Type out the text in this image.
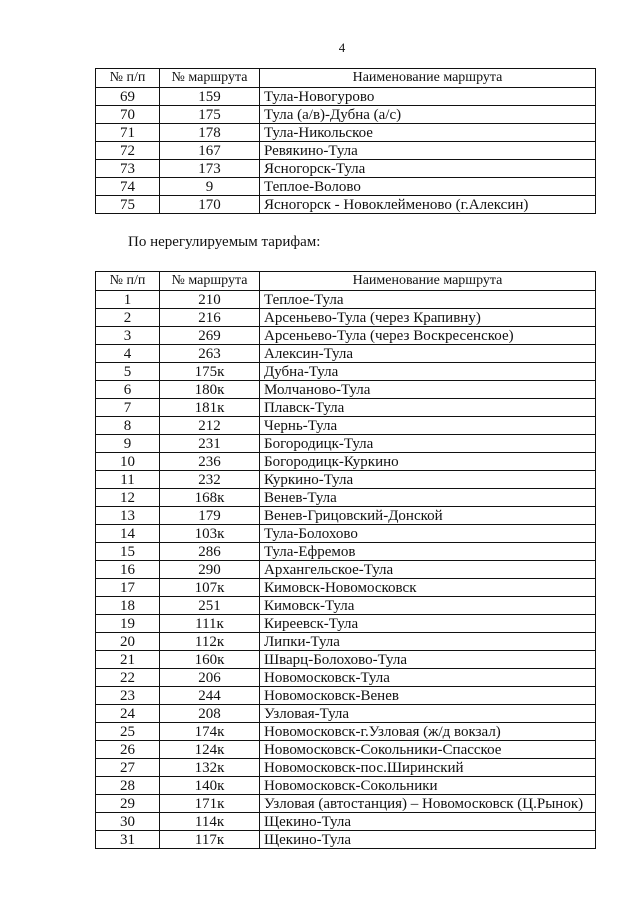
4
№ п/п	№ маршрута	Наименование маршрута
69	159	Тула-Новогурово
70	175	Тула (а/в)-Дубна (а/с)
71	178	Тула-Никольское
72	167	Ревякино-Тула
73	173	Ясногорск-Тула
74	9	Теплое-Волово
75	170	Ясногорск - Новоклейменово (г.Алексин)
По нерегулируемым тарифам:
№ п/п	№ маршрута	Наименование маршрута
1	210	Теплое-Тула
2	216	Арсеньево-Тула (через Крапивну)
3	269	Арсеньево-Тула (через Воскресенское)
4	263	Алексин-Тула
5	175к	Дубна-Тула
6	180к	Молчаново-Тула
7	181к	Плавск-Тула
8	212	Чернь-Тула
9	231	Богородицк-Тула
10	236	Богородицк-Куркино
11	232	Куркино-Тула
12	168к	Венев-Тула
13	179	Венев-Грицовский-Донской
14	103к	Тула-Болохово
15	286	Тула-Ефремов
16	290	Архангельское-Тула
17	107к	Кимовск-Новомосковск
18	251	Кимовск-Тула
19	111к	Киреевск-Тула
20	112к	Липки-Тула
21	160к	Шварц-Болохово-Тула
22	206	Новомосковск-Тула
23	244	Новомосковск-Венев
24	208	Узловая-Тула
25	174к	Новомосковск-г.Узловая (ж/д вокзал)
26	124к	Новомосковск-Сокольники-Спасское
27	132к	Новомосковск-пос.Ширинский
28	140к	Новомосковск-Сокольники
29	171к	Узловая (автостанция) – Новомосковск (Ц.Рынок)
30	114к	Щекино-Тула
31	117к	Щекино-Тула
